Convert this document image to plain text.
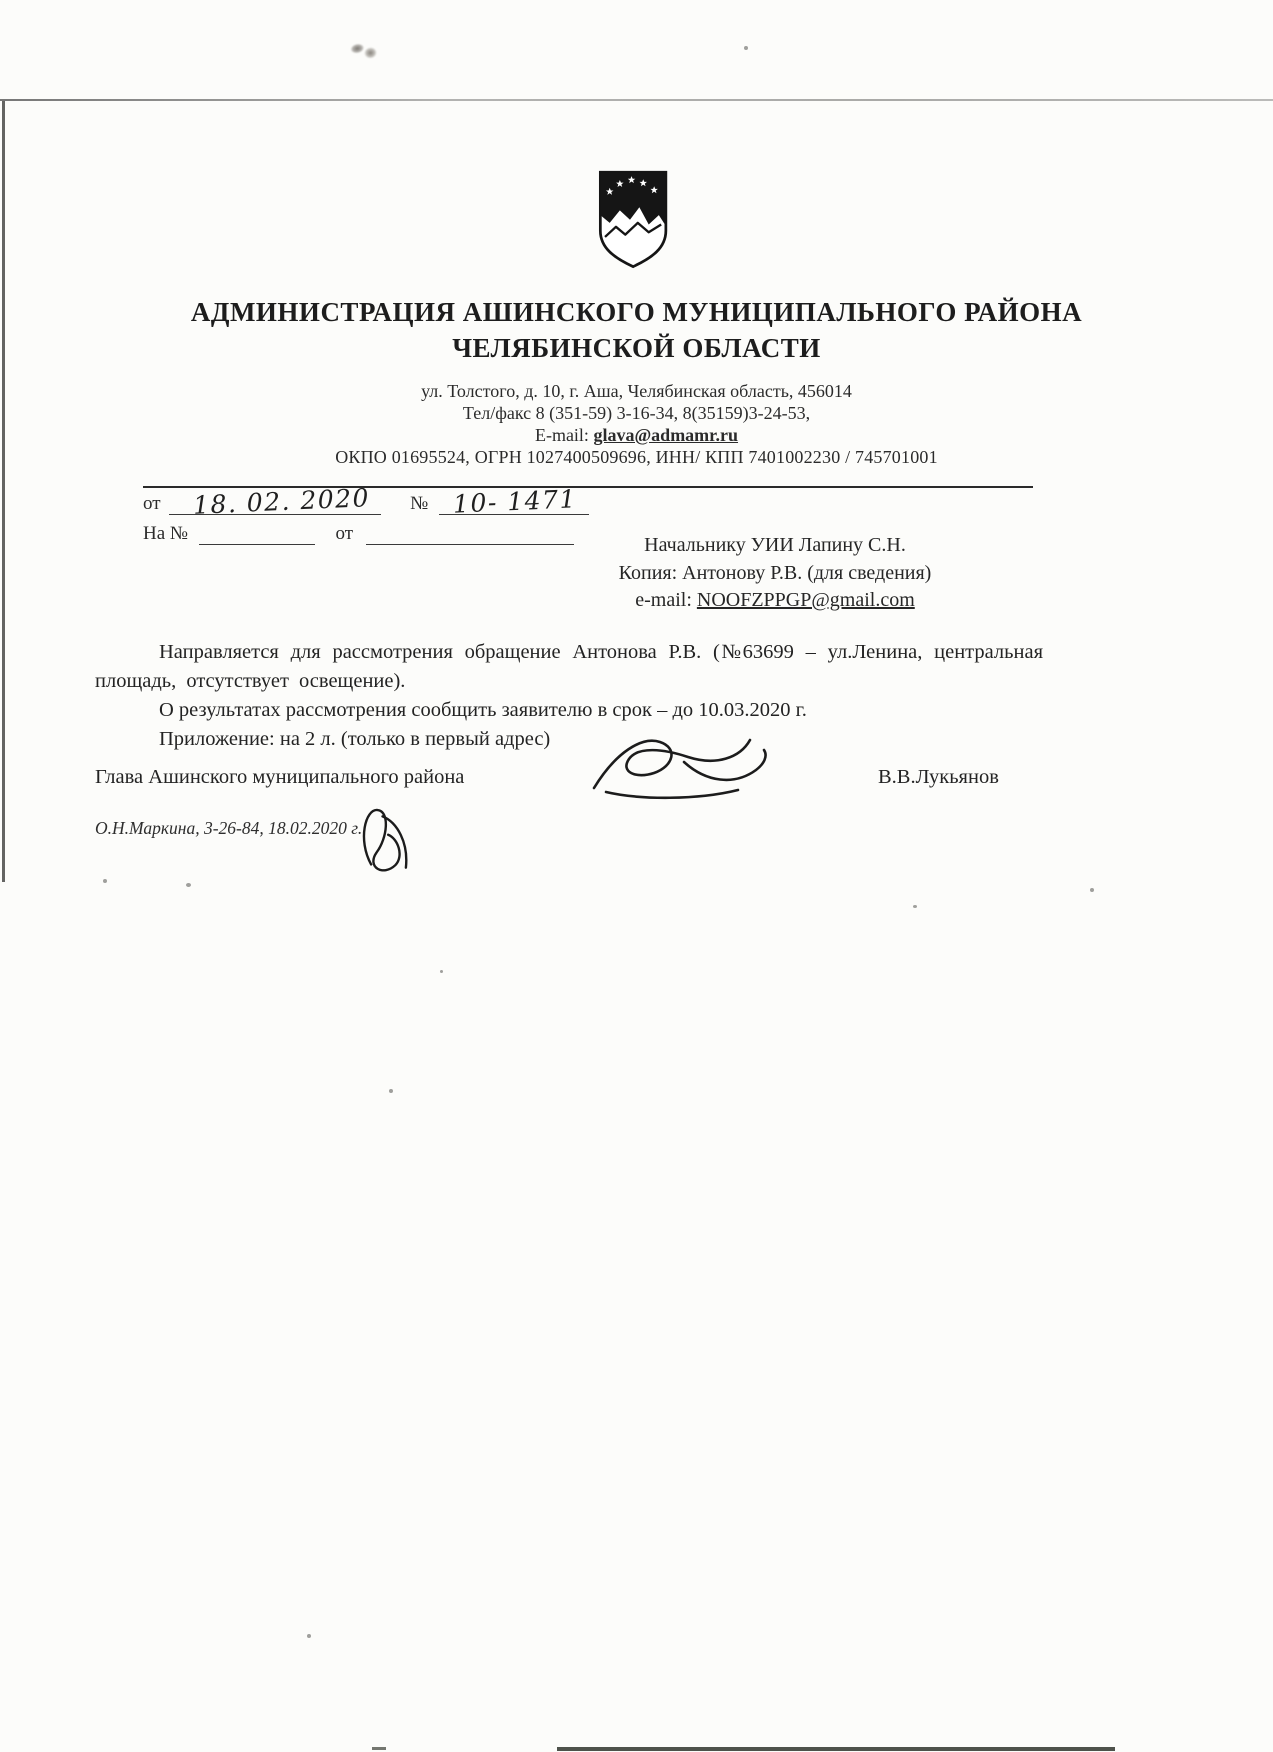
АДМИНИСТРАЦИЯ АШИНСКОГО МУНИЦИПАЛЬНОГО РАЙОНА
ЧЕЛЯБИНСКОЙ ОБЛАСТИ
ул. Толстого, д. 10, г. Аша, Челябинская область, 456014
Тел/факс 8 (351-59) 3-16-34, 8(35159)3-24-53,
E-mail: glava@admamr.ru
ОКПО 01695524, ОГРН 1027400509696, ИНН/ КПП 7401002230 / 745701001
от 18. 02. 2020 № 10- 1471
На №	от
Начальнику УИИ Лапину С.Н.
Копия: Антонову Р.В. (для сведения)
e-mail: NOOFZPPGP@gmail.com

Направляется для рассмотрения обращение Антонова Р.В. (№63699 – ул.Ленина, центральная площадь, отсутствует освещение).

О результатах рассмотрения сообщить заявителю в срок – до 10.03.2020 г.

Приложение: на 2 л. (только в первый адрес)

Глава Ашинского муниципального района	В.В.Лукьянов
О.Н.Маркина, 3-26-84, 18.02.2020 г.
